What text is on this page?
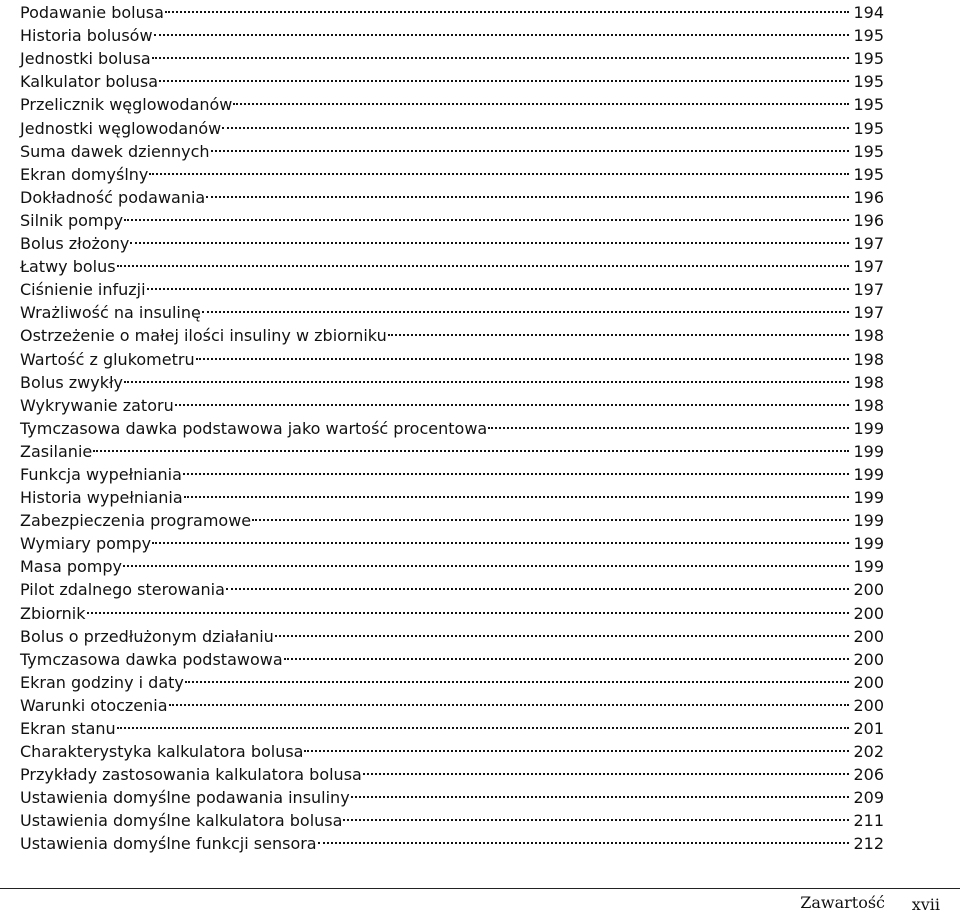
Podawanie bolusa	194
Historia bolusów	195
Jednostki bolusa	195
Kalkulator bolusa	195
Przelicznik węglowodanów	195
Jednostki węglowodanów	195
Suma dawek dziennych	195
Ekran domyślny	195
Dokładność podawania	196
Silnik pompy	196
Bolus złożony	197
Łatwy bolus	197
Ciśnienie infuzji	197
Wrażliwość na insulinę	197
Ostrzeżenie o małej ilości insuliny w zbiorniku	198
Wartość z glukometru	198
Bolus zwykły	198
Wykrywanie zatoru	198
Tymczasowa dawka podstawowa jako wartość procentowa	199
Zasilanie	199
Funkcja wypełniania	199
Historia wypełniania	199
Zabezpieczenia programowe	199
Wymiary pompy	199
Masa pompy	199
Pilot zdalnego sterowania	200
Zbiornik	200
Bolus o przedłużonym działaniu	200
Tymczasowa dawka podstawowa	200
Ekran godziny i daty	200
Warunki otoczenia	200
Ekran stanu	201
Charakterystyka kalkulatora bolusa	202
Przykłady zastosowania kalkulatora bolusa	206
Ustawienia domyślne podawania insuliny	209
Ustawienia domyślne kalkulatora bolusa	211
Ustawienia domyślne funkcji sensora	212
Zawartość xvii
